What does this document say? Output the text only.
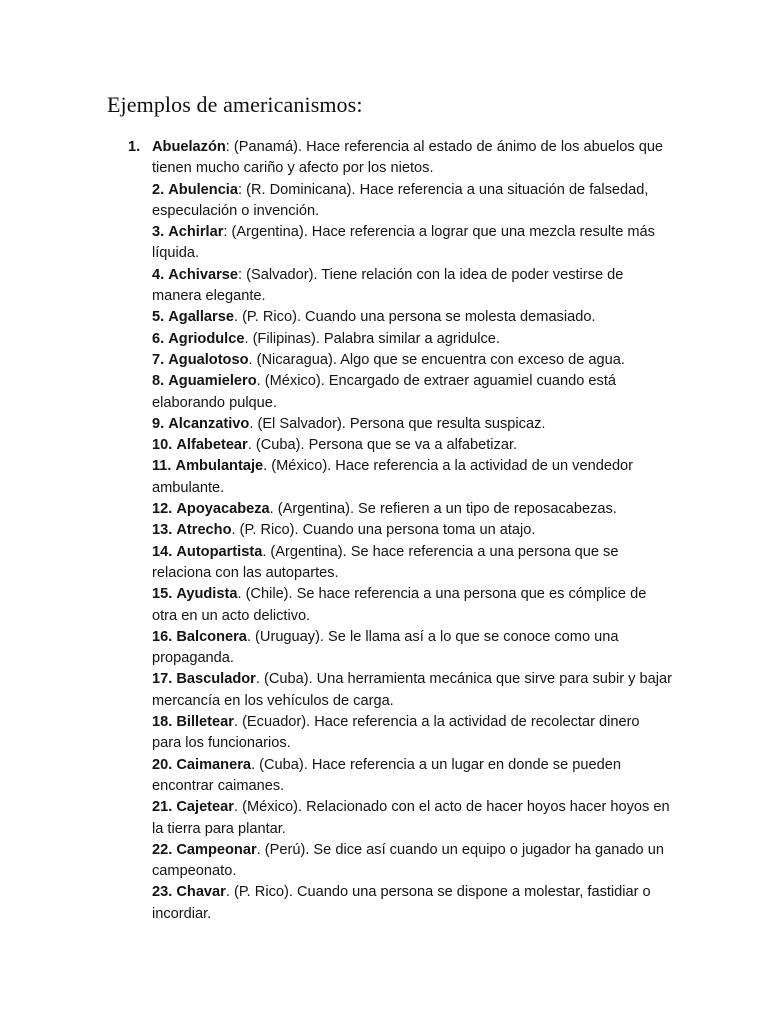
Ejemplos de americanismos:
1. Abuelazón: (Panamá). Hace referencia al estado de ánimo de los abuelos que tienen mucho cariño y afecto por los nietos.
2. Abulencia: (R. Dominicana). Hace referencia a una situación de falsedad, especulación o invención.
3. Achirlar: (Argentina). Hace referencia a lograr que una mezcla resulte más líquida.
4. Achivarse: (Salvador). Tiene relación con la idea de poder vestirse de manera elegante.
5. Agallarse. (P. Rico). Cuando una persona se molesta demasiado.
6. Agriodulce. (Filipinas). Palabra similar a agridulce.
7. Agualotoso. (Nicaragua). Algo que se encuentra con exceso de agua.
8. Aguamielero. (México). Encargado de extraer aguamiel cuando está elaborando pulque.
9. Alcanzativo. (El Salvador). Persona que resulta suspicaz.
10. Alfabetear. (Cuba). Persona que se va a alfabetizar.
11. Ambulantaje. (México). Hace referencia a la actividad de un vendedor ambulante.
12. Apoyacabeza. (Argentina). Se refieren a un tipo de reposacabezas.
13. Atrecho. (P. Rico). Cuando una persona toma un atajo.
14. Autopartista. (Argentina). Se hace referencia a una persona que se relaciona con las autopartes.
15. Ayudista. (Chile). Se hace referencia a una persona que es cómplice de otra en un acto delictivo.
16. Balconera. (Uruguay). Se le llama así a lo que se conoce como una propaganda.
17. Basculador. (Cuba). Una herramienta mecánica que sirve para subir y bajar mercancía en los vehículos de carga.
18. Billetear. (Ecuador). Hace referencia a la actividad de recolectar dinero para los funcionarios.
20. Caimanera. (Cuba). Hace referencia a un lugar en donde se pueden encontrar caimanes.
21. Cajetear. (México). Relacionado con el acto de hacer hoyos hacer hoyos en la tierra para plantar.
22. Campeonar. (Perú). Se dice así cuando un equipo o jugador ha ganado un campeonato.
23. Chavar. (P. Rico). Cuando una persona se dispone a molestar, fastidiar o incordiar.
